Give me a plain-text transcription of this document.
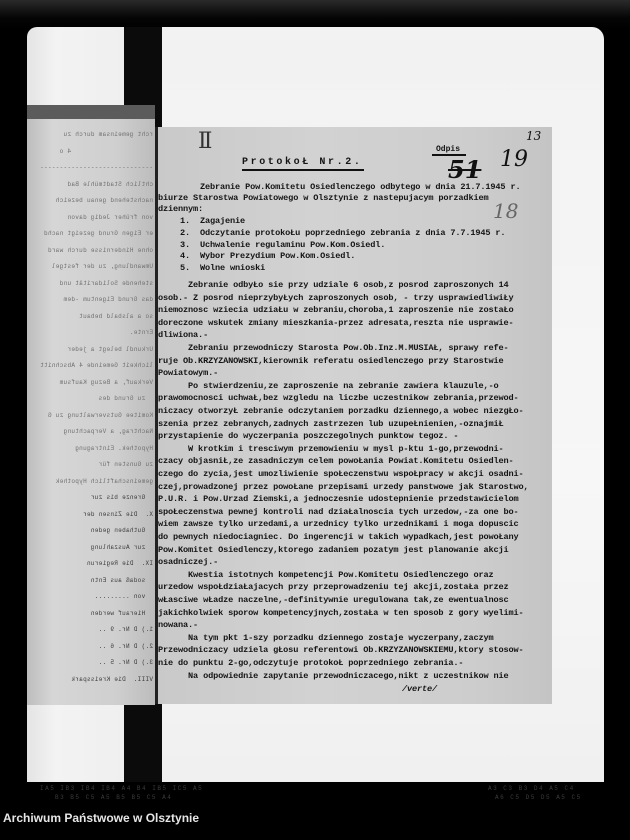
rcht gemeinsam durch zu
4 o
-----------------------------
chtlich Stadtmühle Bad
nachstehend genau bezeich
von früher Jedig davon
er Eigen Grund gezeigt nachd
ohne Hindernisse durch ward
Umwandlung, zu der festgel
stehende Solidarität und
das Grund Eigentum -dem
so a alsbald bebaut
Ernte.
Urkundl belegt a jeder
lichkeit Gemeinde 4 Abschnitt
Verkauf, a Bezug Kaufsum
zu Grund des
Komitee Gutsverwaltung zu G
Nachtrag, a Verpachtung
Hypothek. Eintragung
zu Gunsten für
gemeinschaftlich Hypothek
Grenze bis zur
X.  Die Zinsen der
Guthaben geden
zur Auszahlung
IX.  Die Regierun
sodaß aus Entn
von .........
Hierauf werden
1.) D Nr. 9 ..
2.) D Nr. 6 ..
3.) D Nr. 5 ..
VIII.  Die Kreisspark
II	Odpis
13
51 19
18
ProtokoŁ Nr.2.
Zebranie Pow.Komitetu Osiedlenczego odbytego w dnia 21.7.1945 r.
biurze Starostwa Powiatowego w Olsztynie z nastepujacym porzadkiem
dziennym:
1. Zagajenie
2. Odczytanie protokoŁu poprzedniego zebrania z dnia 7.7.1945 r.
3. Uchwalenie regulaminu Pow.Kom.Osiedl.
4. Wybor Prezydium Pow.Kom.Osiedl.
5. Wolne wnioski
Zebranie odbyŁo sie przy udziale 6 osob,z posrod zaproszonych 14
osob.- Z posrod nieprzybyŁych zaproszonych osob, - trzy usprawiedliwiŁy
niemoznosc wziecia udziaŁu w zebraniu,choroba,1 zaproszenie nie zostaŁo
doreczone wskutek zmiany mieszkania-przez adresata,reszta nie usprawie-
dliwiona.-
Zebraniu przewodniczy Starosta Pow.Ob.Inz.M.MUSIAŁ, sprawy refe-
ruje Ob.KRZYZANOWSKI,kierownik referatu osiedlenczego przy Starostwie
Powiatowym.-
Po stwierdzeniu,ze zaproszenie na zebranie zawiera klauzule,-o
prawomocnosci uchwaŁ,bez wzgledu na liczbe uczestnikow zebrania,przewod-
niczacy otworzyŁ zebranie odczytaniem porzadku dziennego,a wobec niezgŁo-
szenia przez zebranych,zadnych zastrzezen lub uzupeŁnienien,-oznajmiŁ
przystapienie do wyczerpania poszczegolnych punktow tegoz. -
W krotkim i tresciwym przemowieniu w mysl p-ktu 1-go,przewodni-
czacy objasniŁ,ze zasadniczym celem powoŁania Powiat.Komitetu Osiedlen-
czego do zycia,jest umozliwienie spoŁeczenstwu wspoŁpracy w akcji osadni-
czej,prowadzonej przez powoŁane przepisami urzedy panstwowe jak Starostwo,
P.U.R. i Pow.Urzad Ziemski,a jednoczesnie udostepnienie przedstawicielom
spoŁeczenstwa pewnej kontroli nad dziaŁalnoscia tych urzedow,-za one bo-
wiem zawsze tylko urzedami,a urzednicy tylko urzednikami i moga dopuscic
do pewnych niedociagniec. Do ingerencji w takich wypadkach,jest powoŁany
Pow.Komitet Osiedlenczy,ktorego zadaniem pozatym jest planowanie akcji
osadniczej.-
Kwestia istotnych kompetencji Pow.Komitetu Osiedlenczego oraz
urzedow wspoŁdziaŁajacych przy przeprowadzeniu tej akcji,zostaŁa przez
wŁasciwe wŁadze naczelne,-definitywnie uregulowana tak,ze ewentualnosc
jakichkolwiek sporow kompetencyjnych,zostaŁa w ten sposob z gory wyelimi-
nowana.-
Na tym pkt 1-szy porzadku dziennego zostaje wyczerpany,zaczym
Przewodniczacy udziela gŁosu referentowi Ob.KRZYZANOWSKIEMU,ktory stosow-
nie do punktu 2-go,odczytuje protokoŁ poprzedniego zebrania.-
Na odpowiednie zapytanie przewodniczacego,nikt z uczestnikow nie
/verte/
IA5 IB3 IB4 IB4 A4 B4 IB5 IC5 A5
B3 B5 C5 A5 B5 B5 C5 A4
A3 C3 B3 D4 A5 C4
A6 C5 D5 D5 A5 C5
Archiwum Państwowe w Olsztynie
